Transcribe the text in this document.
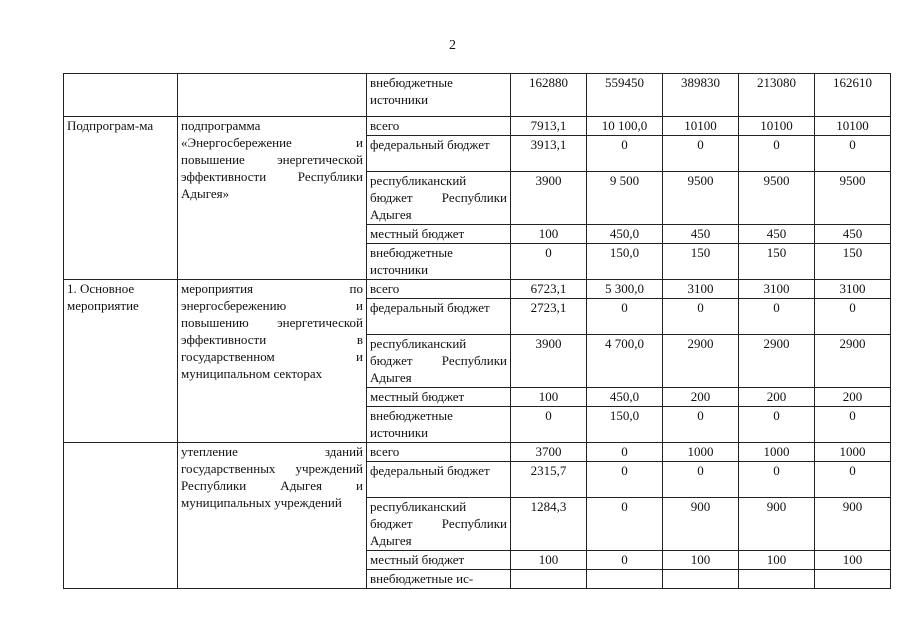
2

		внебюджетные источники	162880	559450	389830	213080	162610
Подпрограм-ма	подпрограмма «Энергосбережение и повышение энергетической эффективности Республики Адыгея»	всего	7913,1	10 100,0	10100	10100	10100

		федеральный бюджет	3913,1	0	0	0	0

		республиканский бюджет Республики Адыгея	3900	9 500	9500	9500	9500

		местный бюджет	100	450,0	450	450	450

		внебюджетные источники	0	150,0	150	150	150
1. Основное мероприятие	мероприятия по энергосбережению и повышению энергетической эффективности в государственном и муниципальном секторах	всего	6723,1	5 300,0	3100	3100	3100

		федеральный бюджет	2723,1	0	0	0	0

		республиканский бюджет Республики Адыгея	3900	4 700,0	2900	2900	2900

		местный бюджет	100	450,0	200	200	200

		внебюджетные источники	0	150,0	0	0	0
	утепление зданий государственных учреждений Республики Адыгея и муниципальных учреждений	всего	3700	0	1000	1000	1000

		федеральный бюджет	2315,7	0	0	0	0

		республиканский бюджет Республики Адыгея	1284,3	0	900	900	900

		местный бюджет	100	0	100	100	100

		внебюджетные ис-					
